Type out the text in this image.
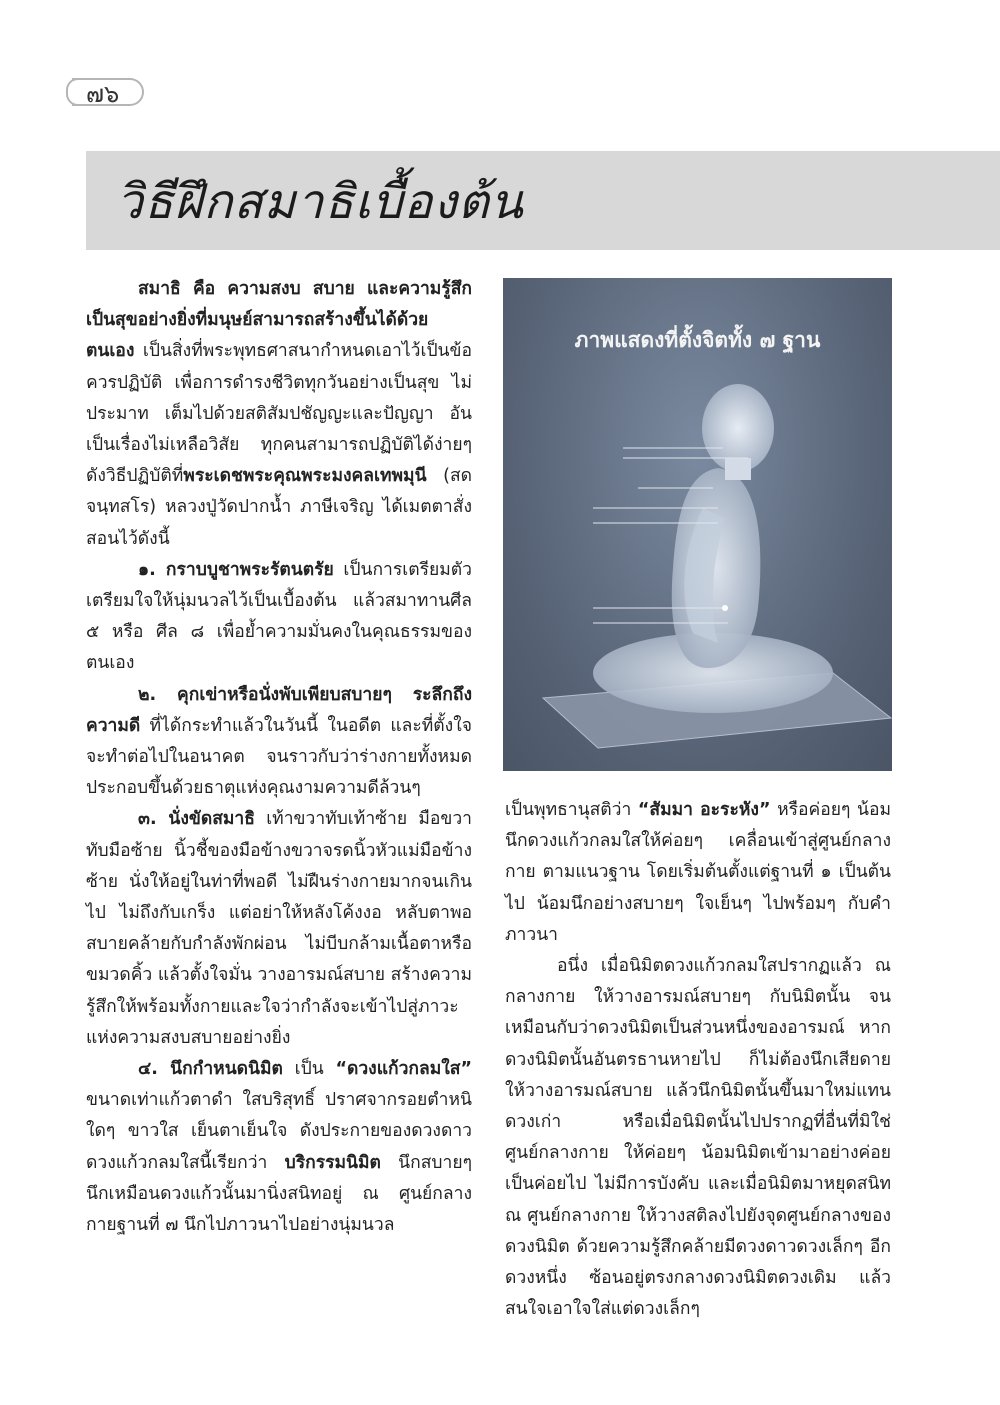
๗๖
วิธีฝึกสมาธิเบื้องต้น

สมาธิ คือ ความสงบ สบาย และความรู้สึกเป็นสุขอย่างยิ่งที่มนุษย์สามารถสร้างขึ้นได้ด้วยตนเอง เป็นสิ่งที่พระพุทธศาสนากำหนดเอาไว้เป็นข้อควรปฏิบัติ เพื่อการดำรงชีวิตทุกวันอย่างเป็นสุข ไม่ประมาท เต็มไปด้วยสติสัมปชัญญะและปัญญา อันเป็นเรื่องไม่เหลือวิสัย ทุกคนสามารถปฏิบัติได้ง่ายๆ ดังวิธีปฏิบัติที่พระเดชพระคุณพระมงคลเทพมุนี (สด จนฺทสโร) หลวงปู่วัดปากน้ำ ภาษีเจริญ ได้เมตตาสั่งสอนไว้ดังนี้

๑. กราบบูชาพระรัตนตรัย เป็นการเตรียมตัวเตรียมใจให้นุ่มนวลไว้เป็นเบื้องต้น แล้วสมาทานศีล ๕ หรือ ศีล ๘ เพื่อย้ำความมั่นคงในคุณธรรมของตนเอง

๒. คุกเข่าหรือนั่งพับเพียบสบายๆ ระลึกถึงความดี ที่ได้กระทำแล้วในวันนี้ ในอดีต และที่ตั้งใจจะทำต่อไปในอนาคต จนราวกับว่าร่างกายทั้งหมดประกอบขึ้นด้วยธาตุแห่งคุณงามความดีล้วนๆ

๓. นั่งขัดสมาธิ เท้าขวาทับเท้าซ้าย มือขวาทับมือซ้าย นิ้วชี้ของมือข้างขวาจรดนิ้วหัวแม่มือข้างซ้าย นั่งให้อยู่ในท่าที่พอดี ไม่ฝืนร่างกายมากจนเกินไป ไม่ถึงกับเกร็ง แต่อย่าให้หลังโค้งงอ หลับตาพอสบายคล้ายกับกำลังพักผ่อน ไม่บีบกล้ามเนื้อตาหรือขมวดคิ้ว แล้วตั้งใจมั่น วางอารมณ์สบาย สร้างความรู้สึกให้พร้อมทั้งกายและใจว่ากำลังจะเข้าไปสู่ภาวะแห่งความสงบสบายอย่างยิ่ง

๔. นึกกำหนดนิมิต เป็น “ดวงแก้วกลมใส” ขนาดเท่าแก้วตาดำ ใสบริสุทธิ์ ปราศจากรอยตำหนิใดๆ ขาวใส เย็นตาเย็นใจ ดังประกายของดวงดาว ดวงแก้วกลมใสนี้เรียกว่า บริกรรมนิมิต นึกสบายๆ นึกเหมือนดวงแก้วนั้นมานิ่งสนิทอยู่ ณ ศูนย์กลางกายฐานที่ ๗ นึกไปภาวนาไปอย่างนุ่มนวล

ภาพแสดงที่ตั้งจิตทั้ง ๗ ฐาน

เป็นพุทธานุสติว่า “สัมมา อะระหัง” หรือค่อยๆ น้อมนึกดวงแก้วกลมใสให้ค่อยๆ เคลื่อนเข้าสู่ศูนย์กลางกาย ตามแนวฐาน โดยเริ่มต้นตั้งแต่ฐานที่ ๑ เป็นต้นไป น้อมนึกอย่างสบายๆ ใจเย็นๆ ไปพร้อมๆ กับคำภาวนา

อนึ่ง เมื่อนิมิตดวงแก้วกลมใสปรากฏแล้ว ณ กลางกาย ให้วางอารมณ์สบายๆ กับนิมิตนั้น จนเหมือนกับว่าดวงนิมิตเป็นส่วนหนึ่งของอารมณ์ หากดวงนิมิตนั้นอันตรธานหายไป ก็ไม่ต้องนึกเสียดาย ให้วางอารมณ์สบาย แล้วนึกนิมิตนั้นขึ้นมาใหม่แทนดวงเก่า หรือเมื่อนิมิตนั้นไปปรากฏที่อื่นที่มิใช่ศูนย์กลางกาย ให้ค่อยๆ น้อมนิมิตเข้ามาอย่างค่อยเป็นค่อยไป ไม่มีการบังคับ และเมื่อนิมิตมาหยุดสนิท ณ ศูนย์กลางกาย ให้วางสติลงไปยังจุดศูนย์กลางของดวงนิมิต ด้วยความรู้สึกคล้ายมีดวงดาวดวงเล็กๆ อีกดวงหนึ่ง ซ้อนอยู่ตรงกลางดวงนิมิตดวงเดิม แล้วสนใจเอาใจใส่แต่ดวงเล็กๆ
